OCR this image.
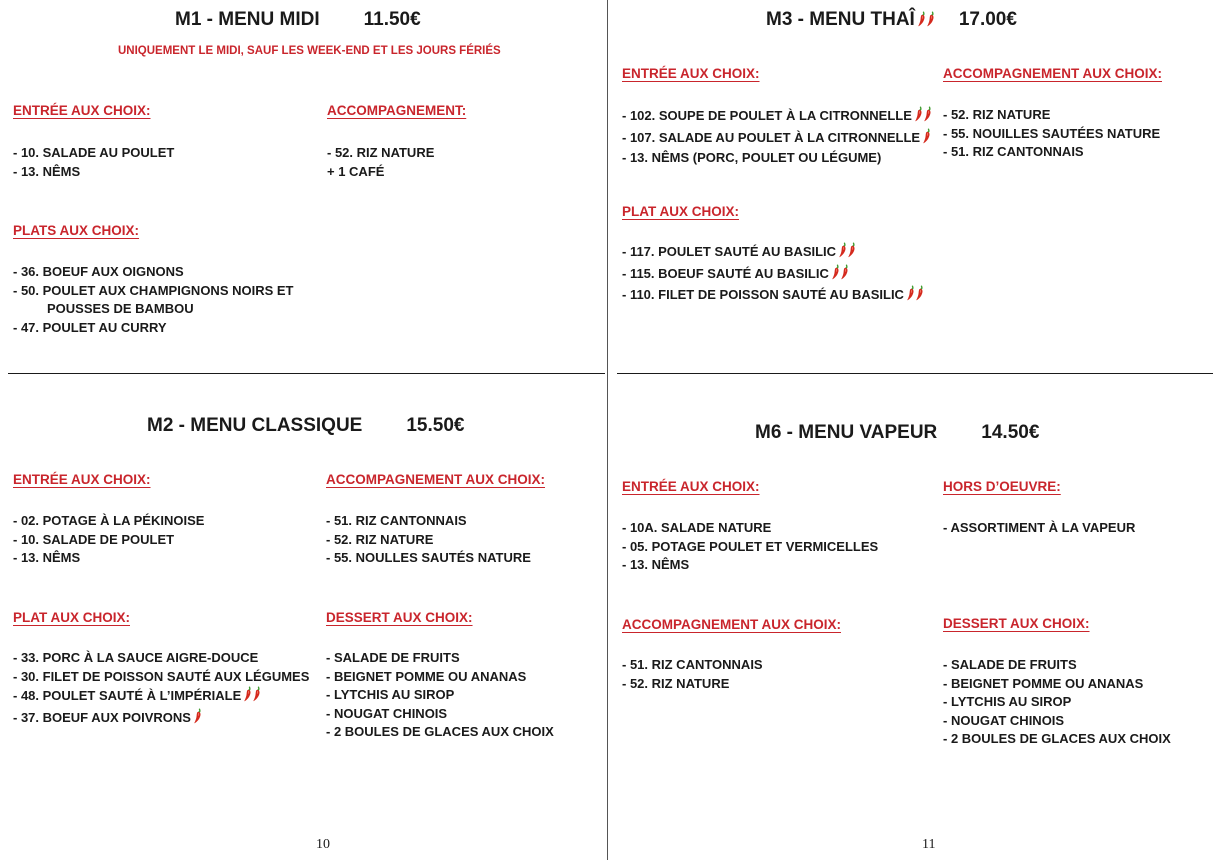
M1 - MENU MIDI 11.50€
UNIQUEMENT LE MIDI, SAUF LES WEEK-END ET LES JOURS FÉRIÉS
ENTRÉE AUX CHOIX:
- 10. SALADE AU POULET
- 13. NÊMS
ACCOMPAGNEMENT:
- 52. RIZ NATURE
+ 1 CAFÉ
PLATS AUX CHOIX:
- 36. BOEUF AUX OIGNONS
- 50. POULET AUX CHAMPIGNONS NOIRS ET
POUSSES DE BAMBOU
- 47. POULET AU CURRY
M2 - MENU CLASSIQUE 15.50€
ENTRÉE AUX CHOIX:
- 02. POTAGE À LA PÉKINOISE
- 10. SALADE DE POULET
- 13. NÊMS
ACCOMPAGNEMENT AUX CHOIX:
- 51. RIZ CANTONNAIS
- 52. RIZ NATURE
- 55. NOULLES SAUTÉS NATURE
PLAT AUX CHOIX:
- 33. PORC À LA SAUCE AIGRE-DOUCE
- 30. FILET DE POISSON SAUTÉ AUX LÉGUMES
- 48. POULET SAUTÉ À L’IMPÉRIALE
- 37. BOEUF AUX POIVRONS
DESSERT AUX CHOIX:
- SALADE DE FRUITS
- BEIGNET POMME OU ANANAS
- LYTCHIS AU SIROP
- NOUGAT CHINOIS
- 2 BOULES DE GLACES AUX CHOIX
10
M3 - MENU THAÎ 17.00€
ENTRÉE AUX CHOIX:
- 102. SOUPE DE POULET À LA CITRONNELLE
- 107. SALADE AU POULET À LA CITRONNELLE
- 13. NÊMS (PORC, POULET OU LÉGUME)
ACCOMPAGNEMENT AUX CHOIX:
- 52. RIZ NATURE
- 55. NOUILLES SAUTÉES NATURE
- 51. RIZ CANTONNAIS
PLAT AUX CHOIX:
- 117. POULET SAUTÉ AU BASILIC
- 115. BOEUF SAUTÉ AU BASILIC
- 110. FILET DE POISSON SAUTÉ AU BASILIC
M6 - MENU VAPEUR 14.50€
ENTRÉE AUX CHOIX:
- 10A. SALADE NATURE
- 05. POTAGE POULET ET VERMICELLES
- 13. NÊMS
HORS D’OEUVRE:
- ASSORTIMENT À LA VAPEUR
ACCOMPAGNEMENT AUX CHOIX:
- 51. RIZ CANTONNAIS
- 52. RIZ NATURE
DESSERT AUX CHOIX:
- SALADE DE FRUITS
- BEIGNET POMME OU ANANAS
- LYTCHIS AU SIROP
- NOUGAT CHINOIS
- 2 BOULES DE GLACES AUX CHOIX
11
